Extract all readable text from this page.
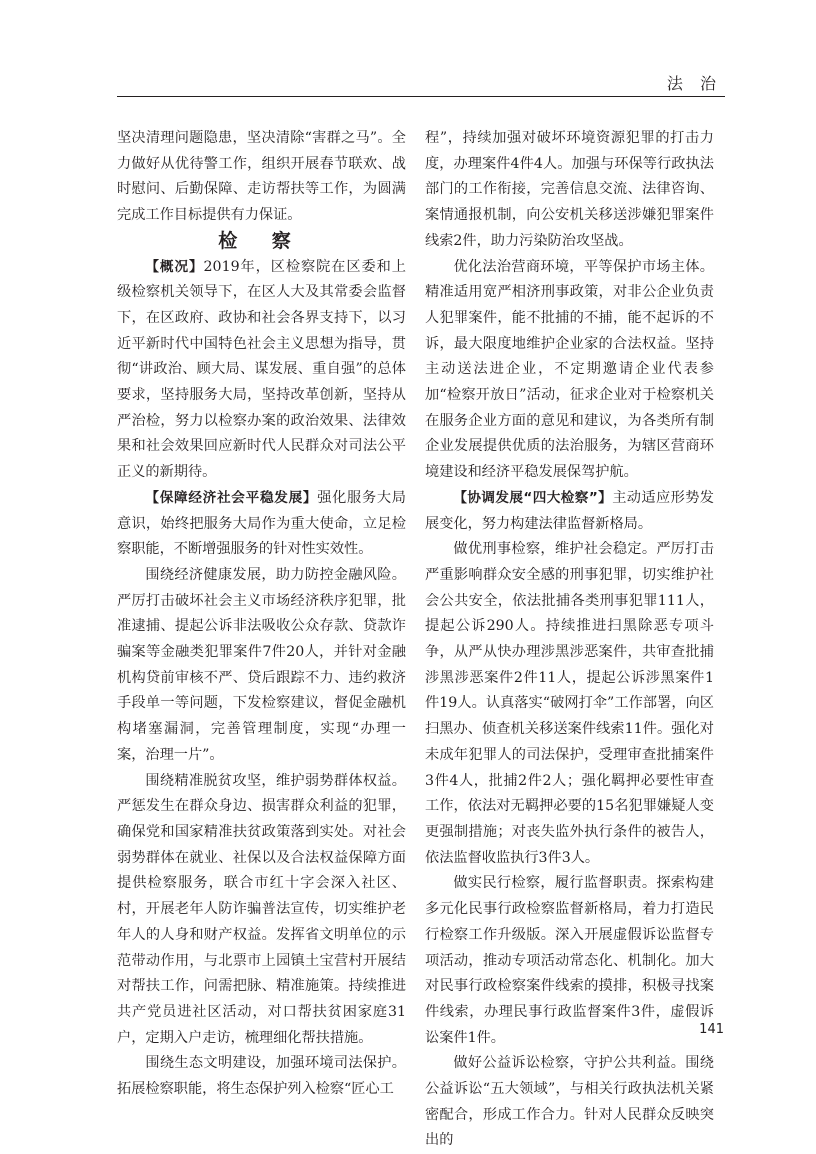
法 治

坚决清理问题隐患，坚决清除“害群之马”。全力做好从优待警工作，组织开展春节联欢、战时慰问、后勤保障、走访帮扶等工作，为圆满完成工作目标提供有力保证。

检 察

【概况】2019年，区检察院在区委和上级检察机关领导下，在区人大及其常委会监督下，在区政府、政协和社会各界支持下，以习近平新时代中国特色社会主义思想为指导，贯彻“讲政治、顾大局、谋发展、重自强”的总体要求，坚持服务大局，坚持改革创新，坚持从严治检，努力以检察办案的政治效果、法律效果和社会效果回应新时代人民群众对司法公平正义的新期待。

【保障经济社会平稳发展】强化服务大局意识，始终把服务大局作为重大使命，立足检察职能，不断增强服务的针对性实效性。

围绕经济健康发展，助力防控金融风险。严厉打击破坏社会主义市场经济秩序犯罪，批准逮捕、提起公诉非法吸收公众存款、贷款诈骗案等金融类犯罪案件7件20人，并针对金融机构贷前审核不严、贷后跟踪不力、违约救济手段单一等问题，下发检察建议，督促金融机构堵塞漏洞，完善管理制度，实现“办理一案，治理一片”。

围绕精准脱贫攻坚，维护弱势群体权益。严惩发生在群众身边、损害群众利益的犯罪，确保党和国家精准扶贫政策落到实处。对社会弱势群体在就业、社保以及合法权益保障方面提供检察服务，联合市红十字会深入社区、村，开展老年人防诈骗普法宣传，切实维护老年人的人身和财产权益。发挥省文明单位的示范带动作用，与北票市上园镇土宝营村开展结对帮扶工作，问需把脉、精准施策。持续推进共产党员进社区活动，对口帮扶贫困家庭31户，定期入户走访，梳理细化帮扶措施。

围绕生态文明建设，加强环境司法保护。拓展检察职能，将生态保护列入检察“匠心工

程”，持续加强对破坏环境资源犯罪的打击力度，办理案件4件4人。加强与环保等行政执法部门的工作衔接，完善信息交流、法律咨询、案情通报机制，向公安机关移送涉嫌犯罪案件线索2件，助力污染防治攻坚战。

优化法治营商环境，平等保护市场主体。精准适用宽严相济刑事政策，对非公企业负责人犯罪案件，能不批捕的不捕，能不起诉的不诉，最大限度地维护企业家的合法权益。坚持主动送法进企业，不定期邀请企业代表参加“检察开放日”活动，征求企业对于检察机关在服务企业方面的意见和建议，为各类所有制企业发展提供优质的法治服务，为辖区营商环境建设和经济平稳发展保驾护航。

【协调发展“四大检察”】主动适应形势发展变化，努力构建法律监督新格局。

做优刑事检察，维护社会稳定。严厉打击严重影响群众安全感的刑事犯罪，切实维护社会公共安全，依法批捕各类刑事犯罪111人，提起公诉290人。持续推进扫黑除恶专项斗争，从严从快办理涉黑涉恶案件，共审查批捕涉黑涉恶案件2件11人，提起公诉涉黑案件1件19人。认真落实“破网打伞”工作部署，向区扫黑办、侦查机关移送案件线索11件。强化对未成年犯罪人的司法保护，受理审查批捕案件3件4人，批捕2件2人；强化羁押必要性审查工作，依法对无羁押必要的15名犯罪嫌疑人变更强制措施；对丧失监外执行条件的被告人，依法监督收监执行3件3人。

做实民行检察，履行监督职责。探索构建多元化民事行政检察监督新格局，着力打造民行检察工作升级版。深入开展虚假诉讼监督专项活动，推动专项活动常态化、机制化。加大对民事行政检察案件线索的摸排，积极寻找案件线索，办理民事行政监督案件3件，虚假诉讼案件1件。

做好公益诉讼检察，守护公共利益。围绕公益诉讼“五大领域”，与相关行政执法机关紧密配合，形成工作合力。针对人民群众反映突出的

141
